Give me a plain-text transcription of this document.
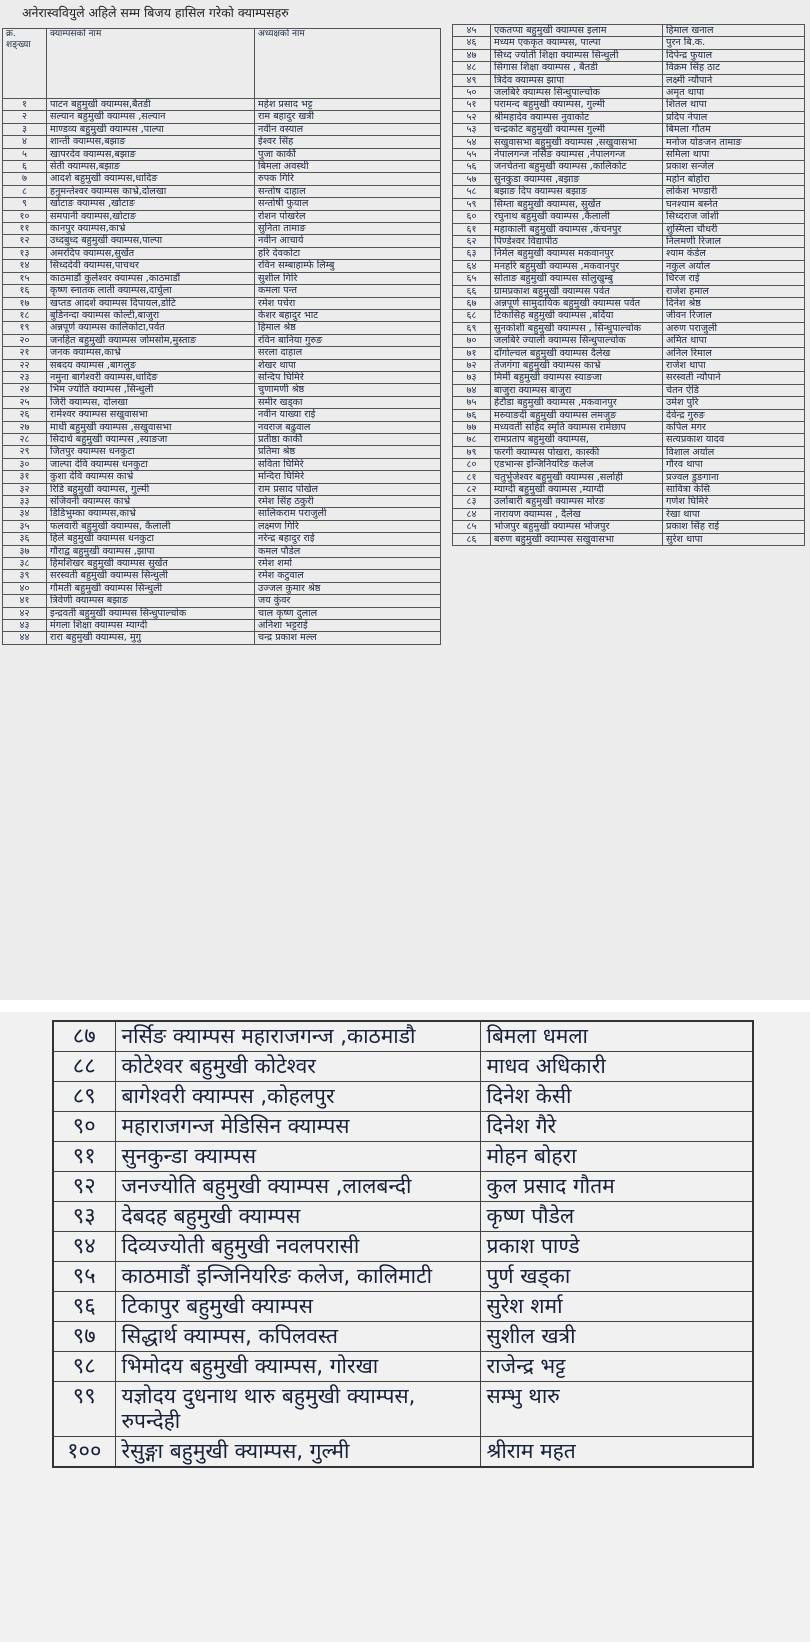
अनेरास्ववियुले अहिले सम्म बिजय हासिल गरेको क्याम्पसहरु
क्र. शङ्ख्या	क्याम्पसको नाम	अध्यक्षको नाम
१	पाटन बहुमुखी क्याम्पस,बैतडी	महेश प्रसाद भट्ट
२	सल्यान बहुमुखी क्याम्पस ,सल्यान	राम बहादुर खत्री
३	माण्डव्य बहुमुखी क्याम्पस ,पाल्पा	नवीन वस्याल
४	शान्ती क्याम्पस,बझाङ	ईश्वर सिंह
५	खापरदेव क्याम्पस,बझाङ	पुजा कार्की
६	सेती क्याम्पस,बझाङ	बिमला अवस्थी
७	आदर्श बहुमुखी क्याम्पस,धादिङ	रुपक गिरि
८	हनुमन्तेश्वर क्याम्पस काभ्रे,दोलखा	सन्तोष दाहाल
९	खोटाङ क्याम्पस ,खोटाङ	सन्तोषी फुयाल
१०	समपानी क्याम्पस,खोटाङ	रोशन पोखरेल
११	कानपुर क्याम्पस,काभ्रे	सुनिता तामाङ
१२	उध्दबुध्द बहुमुखी क्याम्पस,पाल्पा	नवीन आचार्य
१३	अमरदिप क्याम्पस,सुर्खेत	हरि देवकोटा
१४	सिध्ददेवी क्याम्पस,पाचथर	रविन सम्बाहाम्फे लिम्बु
१५	काठमाडौं कुलेश्वर क्याम्पस ,काठमाडौं	सुशील गिरि
१६	कृष्ण स्नातक लाती क्याम्पस,दार्चुला	कमला पन्त
१७	खप्तड आदर्श क्याम्पस दिपायल,डोटि	रमेश पचेरा
१८	बुडिनन्दा क्याम्पस कोल्टी,बाजुरा	केशर बहादुर भाट
१९	अन्नपूर्ण क्याम्पस कालिकोटा,पर्वत	हिमाल श्रेष्ठ
२०	जनहित बहुमुखी क्याम्पस जोमसोम,मुस्ताङ	रविन बानिया गुरुङ
२१	जनक क्याम्पस,काभ्रे	सरला दाहाल
२२	सबदय क्याम्पस ,बागलुङ	शेखर थापा
२३	नमुना बागेश्वरी क्याम्पस,धादिङ	सन्दिप घिमिरे
२४	भिम ज्योति क्याम्पस ,सिन्धुली	चुणामणी श्रेष्ठ
२५	जिरी क्याम्पस, दोलखा	समीर खड्का
२६	रामेश्वर क्याम्पस सखुवासभा	नवीन याख्या राई
२७	माधी बहुमुखी क्याम्पस ,सखुवासभा	नवराज बढुवाल
२८	सिदार्थ बहुमुखी क्याम्पस ,स्याङजा	प्रतीष्ठा कार्की
२९	जितपुर क्याम्पस धनकुटा	प्रतिमा श्रेष्ठ
३०	जाल्पा देवि क्याम्पस धनकुटा	सविता घिमिरे
३१	कुशा देवि क्याम्पस काभ्रे	मन्दिरा घिमिरे
३२	रिडि बहुमुखी क्याम्पस, गुल्मी	राम प्रसाद पोखेल
३३	संजिवनी क्याम्पस काभ्रे	रमेश सिंह ठकुरी
३४	डिडिभुम्का क्याम्पस,काभ्रे	सालिकराम पराजुली
३५	फलवारी बहुमुखी क्याम्पस, कैलाली	लक्ष्मण गिरि
३६	हिले बहुमुखी क्याम्पस धनकुटा	नरेन्द्र बहादुर राई
३७	गौराद्व बहुमुखी क्याम्पस ,झापा	कमल पौडेल
३८	हिमशिखर बहुमुखी क्याम्पस सुर्खेत	रमेश शर्मा
३९	सरस्वती बहुमुखी क्याम्पस सिन्धुली	रमेश कटुवाल
४०	गौमती बहुमुखी क्याम्पस सिन्धुली	उज्जल कुमार श्रेष्ठ
४१	त्रिवेणी क्याम्पस बझाङ	जय कुंवर
४२	इन्द्रवती बहुमुखी क्याम्पस सिन्धुपाल्चोक	चाल कृष्ण दुलाल
४३	मंगला शिक्षा क्याम्पस म्याग्दी	अनिशा भट्टराई
४४	रारा बहुमुखी क्याम्पस, मुगु	चन्द्र प्रकाश मल्ल
४५	एकतप्पा बहुमुखी क्याम्पस इलाम	हिमाल खनाल
४६	मध्यम एककृत क्याम्पस, पाल्पा	पुरन बि.क.
४७	सिध्द ज्योती शिक्षा क्याम्पस सिन्धुली	दिपेन्द्र फुयाल
४८	सिगास शिक्षा क्याम्पस , बैतडी	विक्रम सिंह ठाट
४९	त्रिदेव क्याम्पस झापा	लक्ष्मी न्यौपाने
५०	जलबिरे क्याम्पस सिन्धुपाल्चोक	अमृत थापा
५१	परामन्द बहुमुखी क्याम्पस, गुल्मी	शितल थापा
५२	श्रीमहादेव क्याम्पस नुवाकोट	प्रदिप नेपाल
५३	चन्द्रकोट बहुमुखी क्याम्पस गुल्मी	बिमला गौतम
५४	सखुवासभा बहुमुखी क्याम्पस ,सखुवासभा	मनोज योङजन तामाङ
५५	नेपालगन्ज नर्सिङ क्याम्पस ,नेपालगन्ज	समिला थापा
५६	जनचेतना बहुमुखी क्याम्पस ,कालिकोट	प्रकाश सन्जेल
५७	सुनकुडा क्याम्पस ,बझाङ	महोन बोहोरा
५८	बझाङ दिप क्याम्पस बझाङ	लोकेश भण्डारी
५९	सिम्ता बहुमुखी क्याम्पस, सुर्खेत	घनश्याम बस्नेत
६०	रघुनाथ बहुमुखी क्याम्पस ,कैलाली	सिध्दराज जोशी
६१	महाकाली बहुमुखी क्याम्पस ,कंचनपुर	शुस्मिला चौधरी
६२	पिण्डेश्वर विद्यापीठ	निलमणी रिजाल
६३	निर्मल बहुमुखी क्याम्पस मकवानपुर	श्याम कंडेल
६४	मनहरि बहुमुखी क्याम्पस ,मकवानपुर	नकुल अर्याल
६५	सोताङ बहुमुखी क्याम्पस सोलुखुम्बु	धिरज राई
६६	ग्रामप्रकाश बहुमुखी क्याम्पस पर्वत	राजेश हमाल
६७	अन्नपूर्ण सामुदायिक बहुमुखी क्याम्पस पर्वत	दिनेश श्रेष्ठ
६८	टिकासिह बहुमुखी क्याम्पस ,बर्दिया	जीवन रिजाल
६९	सुनकोशी बहुमुखी क्याम्पस , सिन्धुपाल्चोक	अरुण पराजुली
७०	जलबिरे ज्याली क्याम्पस सिन्धुपाल्चोक	अमित थापा
७१	दाँगोल्चल बहुमुखी क्याम्पस दैलेख	अनिल रिमाल
७२	तेजगंगा बहुमुखी क्याम्पस काभ्रे	राजेश थापा
७३	मिर्मी बहुमुखी क्याम्पस स्याङजा	सरस्वती न्यौपाने
७४	बाजुरा क्याम्पस बाजुरा	चेतन ऐडि
७५	हेटौडा बहुमुखी क्याम्पस ,मकवानपुर	उमेश पुरि
७६	मस्र्याङदी बहुमुखी क्याम्पस लमजुङ	देवेन्द्र गुरुङ
७७	मध्यवर्ती सहिद स्मृति क्याम्पस रामेछाप	कपिल मगर
७८	रामप्रताप बहुमुखी क्याम्पस,	सत्यप्रकाश यादव
७९	फरगी क्याम्पस पोखरा, कास्की	विशाल अर्याल
८०	एडभान्स इन्जिनियरिङ कलेज	गौरव थापा
८१	चतुर्भुजेश्वर बहुमुखी क्याम्पस ,सर्लाही	प्रज्वल डुङगाना
८२	म्याग्दी बहुमुखी क्याम्पस ,म्याग्दी	सावित्रा केसि
८३	उर्लाबारी बहुमुखी क्याम्पस मोरङ	गणेश घिमिरे
८४	नारायण क्याम्पस , दैलेख	रेखा थापा
८५	भोजपुर बहुमुखी क्याम्पस भोजपुर	प्रकाश सिंह राई
८६	बरुण बहुमुखी क्याम्पस सखुवासभा	सुरेश थापा
८७	नर्सिङ क्याम्पस महाराजगन्ज ,काठमाडौ	बिमला धमला
८८	कोटेश्वर बहुमुखी कोटेश्वर	माधव अधिकारी
८९	बागेश्वरी क्याम्पस ,कोहलपुर	दिनेश केसी
९०	महाराजगन्ज मेडिसिन क्याम्पस	दिनेश गैरे
९१	सुनकुन्डा क्याम्पस	मोहन बोहरा
९२	जनज्योति बहुमुखी क्याम्पस ,लालबन्दी	कुल प्रसाद गौतम
९३	देबदह बहुमुखी क्याम्पस	कृष्ण पौडेल
९४	दिव्यज्योती बहुमुखी नवलपरासी	प्रकाश पाण्डे
९५	काठमाडौं इन्जिनियरिङ कलेज, कालिमाटी	पुर्ण खड्का
९६	टिकापुर बहुमुखी क्याम्पस	सुरेश शर्मा
९७	सिद्धार्थ क्याम्पस, कपिलवस्त	सुशील खत्री
९८	भिमोदय बहुमुखी क्याम्पस, गोरखा	राजेन्द्र भट्ट
९९	यज्ञोदय दुधनाथ थारु बहुमुखी क्याम्पस, रुपन्देही	सम्भु थारु
१००	रेसुङ्गा बहुमुखी क्याम्पस, गुल्मी	श्रीराम महत
